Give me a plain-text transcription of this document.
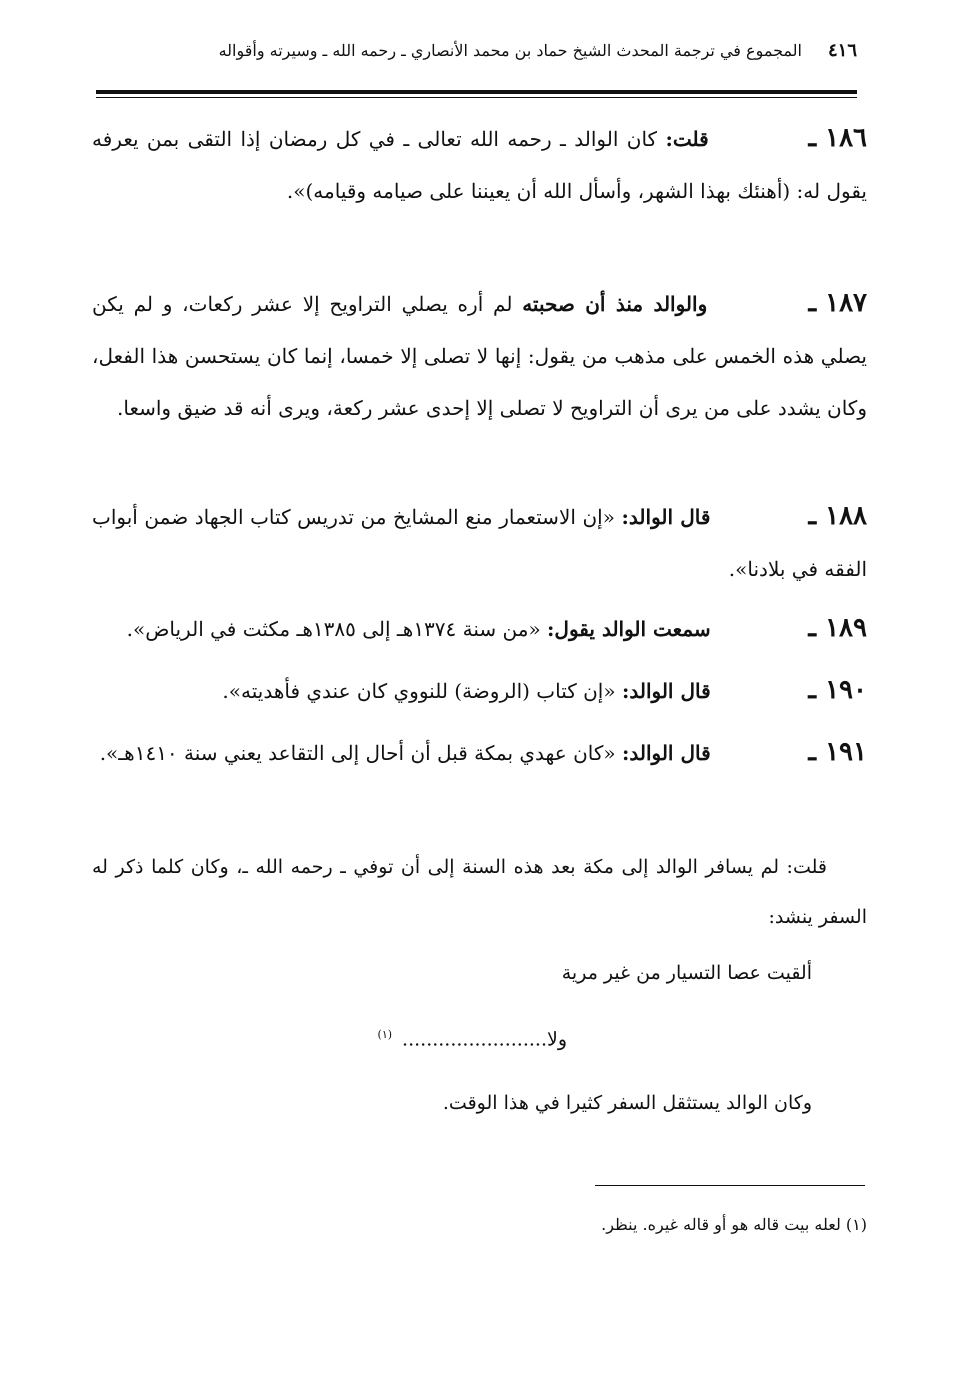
٤١٦
المجموع في ترجمة المحدث الشيخ حماد بن محمد الأنصاري ـ رحمه الله ـ وسيرته وأقواله
١٨٦ ـ قلت: كان الوالد ـ رحمه الله تعالى ـ في كل رمضان إذا التقى بمن يعرفه يقول له: (أهنئك بهذا الشهر، وأسأل الله أن يعيننا على صيامه وقيامه)».
١٨٧ ـ والوالد منذ أن صحبته لم أره يصلي التراويح إلا عشر ركعات، و لم يكن يصلي هذه الخمس على مذهب من يقول: إنها لا تصلى إلا خمسا، إنما كان يستحسن هذا الفعل، وكان يشدد على من يرى أن التراويح لا تصلى إلا إحدى عشر ركعة، ويرى أنه قد ضيق واسعا.
١٨٨ ـ قال الوالد: «إن الاستعمار منع المشايخ من تدريس كتاب الجهاد ضمن أبواب الفقه في بلادنا».
١٨٩ ـ سمعت الوالد يقول: «من سنة ١٣٧٤هـ إلى ١٣٨٥هـ مكثت في الرياض».
١٩٠ ـ قال الوالد: «إن كتاب (الروضة) للنووي كان عندي فأهديته».
١٩١ ـ قال الوالد: «كان عهدي بمكة قبل أن أحال إلى التقاعد يعني سنة ١٤١٠هـ».
قلت: لم يسافر الوالد إلى مكة بعد هذه السنة إلى أن توفي ـ رحمه الله ـ، وكان كلما ذكر له السفر ينشد:
ألقيت عصا التسيار من غير مرية
ولا........................$^{(١)}$
وكان الوالد يستثقل السفر كثيرا في هذا الوقت.
(١) لعله بيت قاله هو أو قاله غيره. ينظر.
